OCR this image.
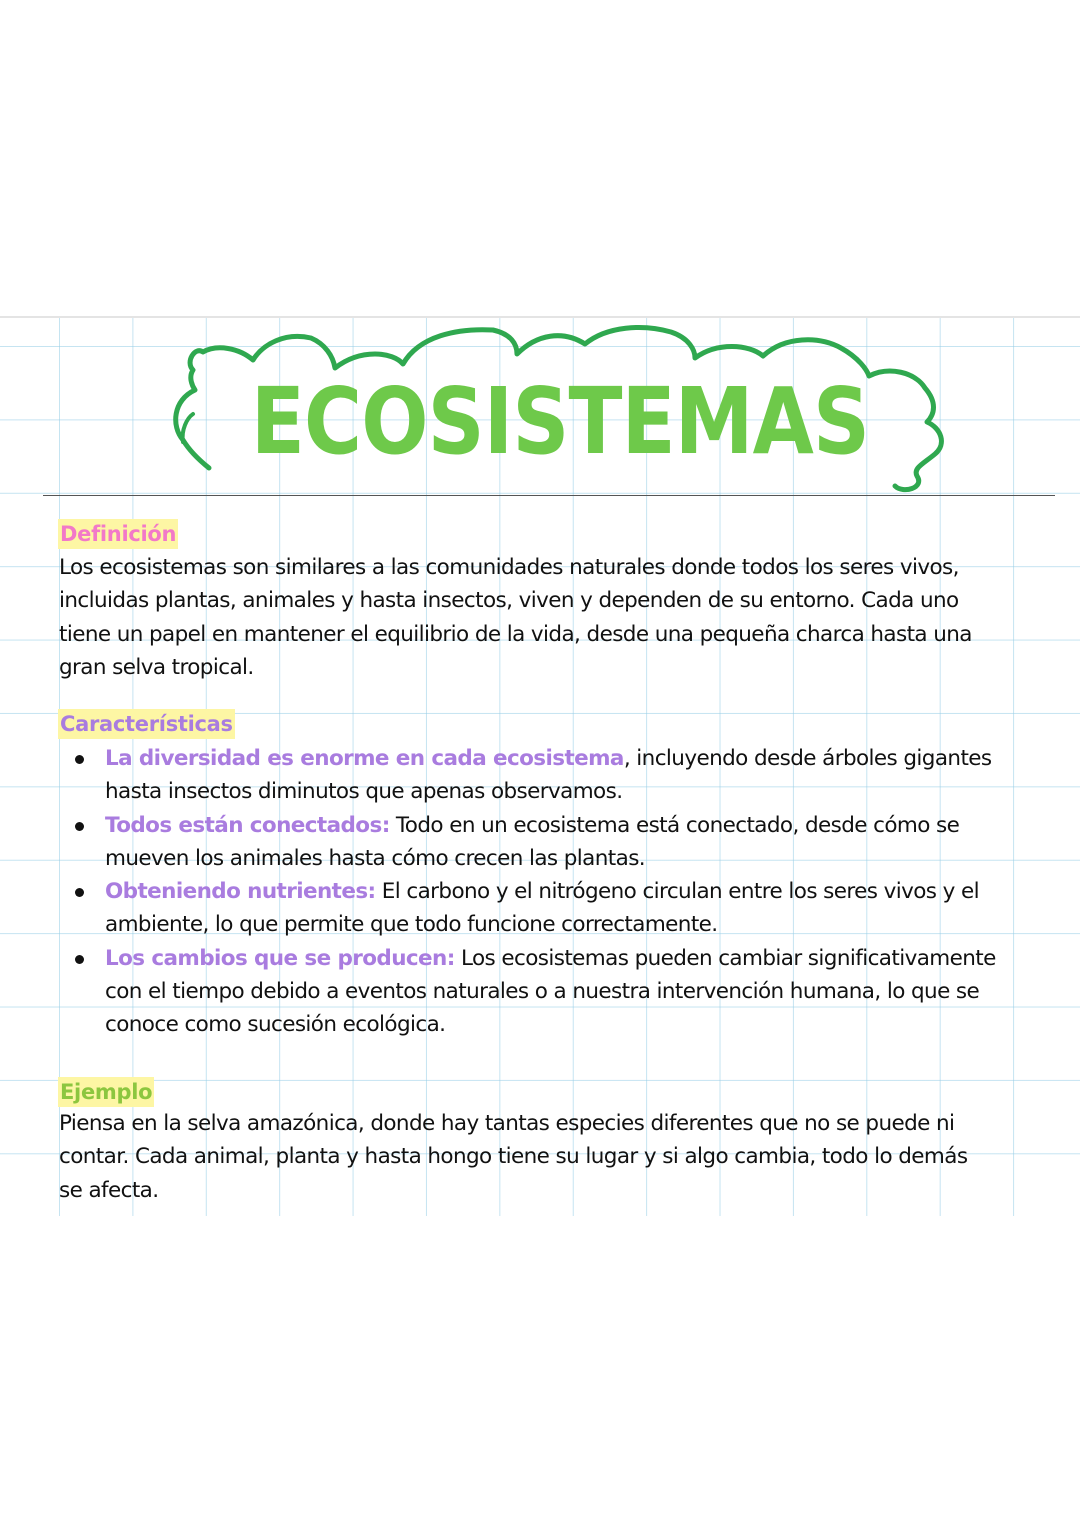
ECOSISTEMAS
Definición
Los ecosistemas son similares a las comunidades naturales donde todos los seres vivos, incluidas plantas, animales y hasta insectos, viven y dependen de su entorno. Cada uno tiene un papel en mantener el equilibrio de la vida, desde una pequeña charca hasta una gran selva tropical.
Características
La diversidad es enorme en cada ecosistema, incluyendo desde árboles gigantes hasta insectos diminutos que apenas observamos.
Todos están conectados: Todo en un ecosistema está conectado, desde cómo se mueven los animales hasta cómo crecen las plantas.
Obteniendo nutrientes: El carbono y el nitrógeno circulan entre los seres vivos y el ambiente, lo que permite que todo funcione correctamente.
Los cambios que se producen: Los ecosistemas pueden cambiar significativamente con el tiempo debido a eventos naturales o a nuestra intervención humana, lo que se conoce como sucesión ecológica.
Ejemplo
Piensa en la selva amazónica, donde hay tantas especies diferentes que no se puede ni contar. Cada animal, planta y hasta hongo tiene su lugar y si algo cambia, todo lo demás se afecta.
